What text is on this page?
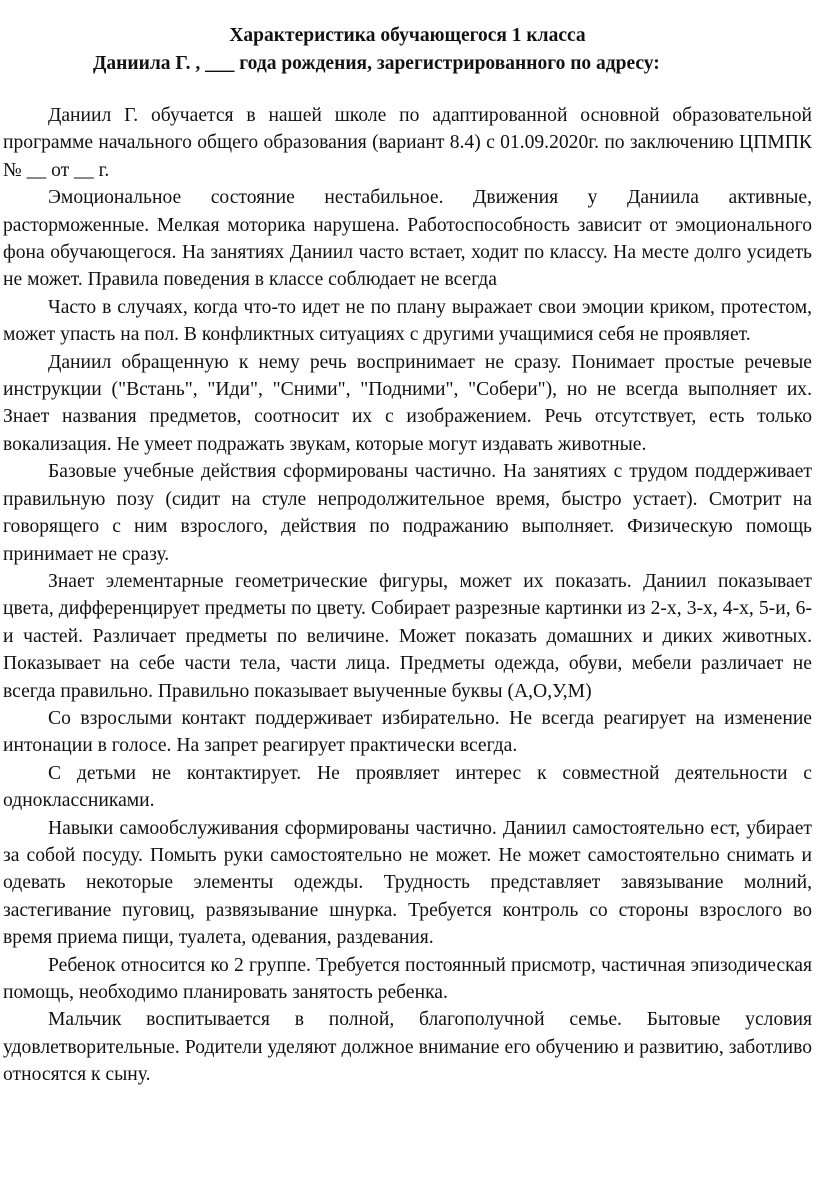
Характеристика обучающегося 1 класса

Даниила Г. , ___ года рождения, зарегистрированного по адресу:

Даниил Г. обучается в нашей школе по адаптированной основной образовательной программе начального общего образования (вариант 8.4) с 01.09.2020г. по заключению ЦПМПК № __ от __ г.

Эмоциональное состояние нестабильное. Движения у Даниила активные, расторможенные. Мелкая моторика нарушена. Работоспособность зависит от эмоционального фона обучающегося. На занятиях Даниил часто встает, ходит по классу. На месте долго усидеть не может. Правила поведения в классе соблюдает не всегда

Часто в случаях, когда что-то идет не по плану выражает свои эмоции криком, протестом, может упасть на пол. В конфликтных ситуациях с другими учащимися себя не проявляет.

Даниил обращенную к нему речь воспринимает не сразу. Понимает простые речевые инструкции ("Встань", "Иди", "Сними", "Подними", "Собери"), но не всегда выполняет их. Знает названия предметов, соотносит их с изображением. Речь отсутствует, есть только вокализация. Не умеет подражать звукам, которые могут издавать животные.

Базовые учебные действия сформированы частично. На занятиях с трудом поддерживает правильную позу (сидит на стуле непродолжительное время, быстро устает). Смотрит на говорящего с ним взрослого, действия по подражанию выполняет. Физическую помощь принимает не сразу.

Знает элементарные геометрические фигуры, может их показать. Даниил показывает цвета, дифференцирует предметы по цвету. Собирает разрезные картинки из 2-х, 3-х, 4-х, 5-и, 6-и частей. Различает предметы по величине. Может показать домашних и диких животных. Показывает на себе части тела, части лица. Предметы одежда, обуви, мебели различает не всегда правильно. Правильно показывает выученные буквы (А,О,У,М)

Со взрослыми контакт поддерживает избирательно. Не всегда реагирует на изменение интонации в голосе. На запрет реагирует практически всегда.

С детьми не контактирует. Не проявляет интерес к совместной деятельности с одноклассниками.

Навыки самообслуживания сформированы частично. Даниил самостоятельно ест, убирает за собой посуду. Помыть руки самостоятельно не может. Не может самостоятельно снимать и одевать некоторые элементы одежды. Трудность представляет завязывание молний, застегивание пуговиц, развязывание шнурка. Требуется контроль со стороны взрослого во время приема пищи, туалета, одевания, раздевания.

Ребенок относится ко 2 группе. Требуется постоянный присмотр, частичная эпизодическая помощь, необходимо планировать занятость ребенка.

Мальчик воспитывается в полной, благополучной семье. Бытовые условия удовлетворительные. Родители уделяют должное внимание его обучению и развитию, заботливо относятся к сыну.
